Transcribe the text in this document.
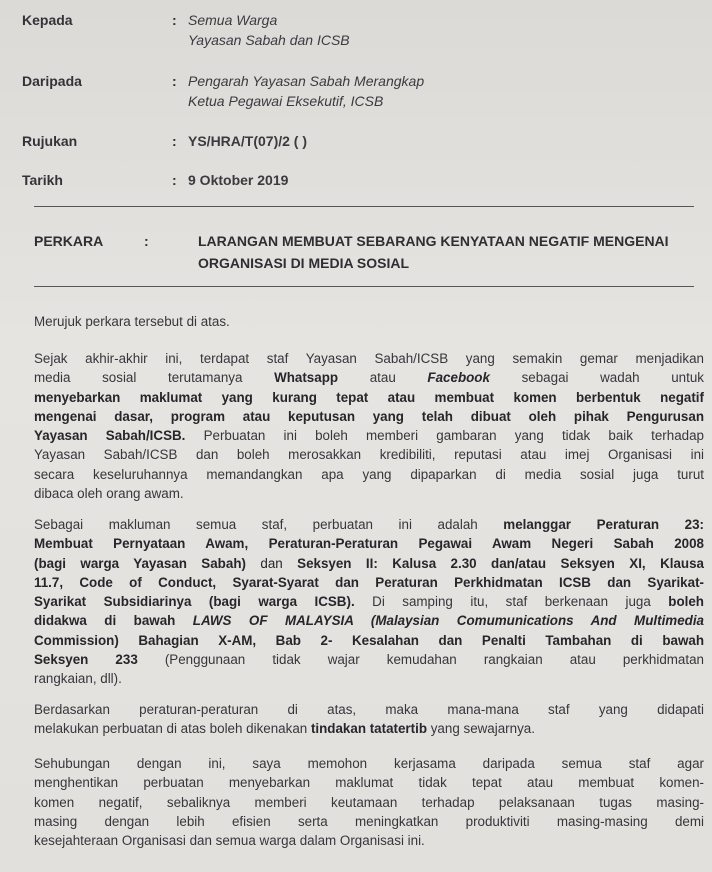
Kepada	: Semua Warga
Yayasan Sabah dan ICSB
Daripada	: Pengarah Yayasan Sabah Merangkap
Ketua Pegawai Eksekutif, ICSB
Rujukan	: YS/HRA/T(07)/2 ( )
Tarikh	: 9 Oktober 2019
PERKARA	:	LARANGAN MEMBUAT SEBARANG KENYATAAN NEGATIF MENGENAI
ORGANISASI DI MEDIA SOSIAL
Merujuk perkara tersebut di atas.
Sejak akhir-akhir ini, terdapat staf Yayasan Sabah/ICSB yang semakin gemar menjadikan
media sosial terutamanya Whatsapp atau Facebook sebagai wadah untuk
menyebarkan maklumat yang kurang tepat atau membuat komen berbentuk negatif
mengenai dasar, program atau keputusan yang telah dibuat oleh pihak Pengurusan
Yayasan Sabah/ICSB. Perbuatan ini boleh memberi gambaran yang tidak baik terhadap
Yayasan Sabah/ICSB dan boleh merosakkan kredibiliti, reputasi atau imej Organisasi ini
secara keseluruhannya memandangkan apa yang dipaparkan di media sosial juga turut
dibaca oleh orang awam.
Sebagai makluman semua staf, perbuatan ini adalah melanggar Peraturan 23:
Membuat Pernyataan Awam, Peraturan-Peraturan Pegawai Awam Negeri Sabah 2008
(bagi warga Yayasan Sabah) dan Seksyen II: Kalusa 2.30 dan/atau Seksyen XI, Klausa
11.7, Code of Conduct, Syarat-Syarat dan Peraturan Perkhidmatan ICSB dan Syarikat-
Syarikat Subsidiarinya (bagi warga ICSB). Di samping itu, staf berkenaan juga boleh
didakwa di bawah LAWS OF MALAYSIA (Malaysian Comumunications And Multimedia
Commission) Bahagian X-AM, Bab 2- Kesalahan dan Penalti Tambahan di bawah
Seksyen 233 (Penggunaan tidak wajar kemudahan rangkaian atau perkhidmatan
rangkaian, dll).
Berdasarkan peraturan-peraturan di atas, maka mana-mana staf yang didapati
melakukan perbuatan di atas boleh dikenakan tindakan tatatertib yang sewajarnya.
Sehubungan dengan ini, saya memohon kerjasama daripada semua staf agar
menghentikan perbuatan menyebarkan maklumat tidak tepat atau membuat komen-
komen negatif, sebaliknya memberi keutamaan terhadap pelaksanaan tugas masing-
masing dengan lebih efisien serta meningkatkan produktiviti masing-masing demi
kesejahteraan Organisasi dan semua warga dalam Organisasi ini.
